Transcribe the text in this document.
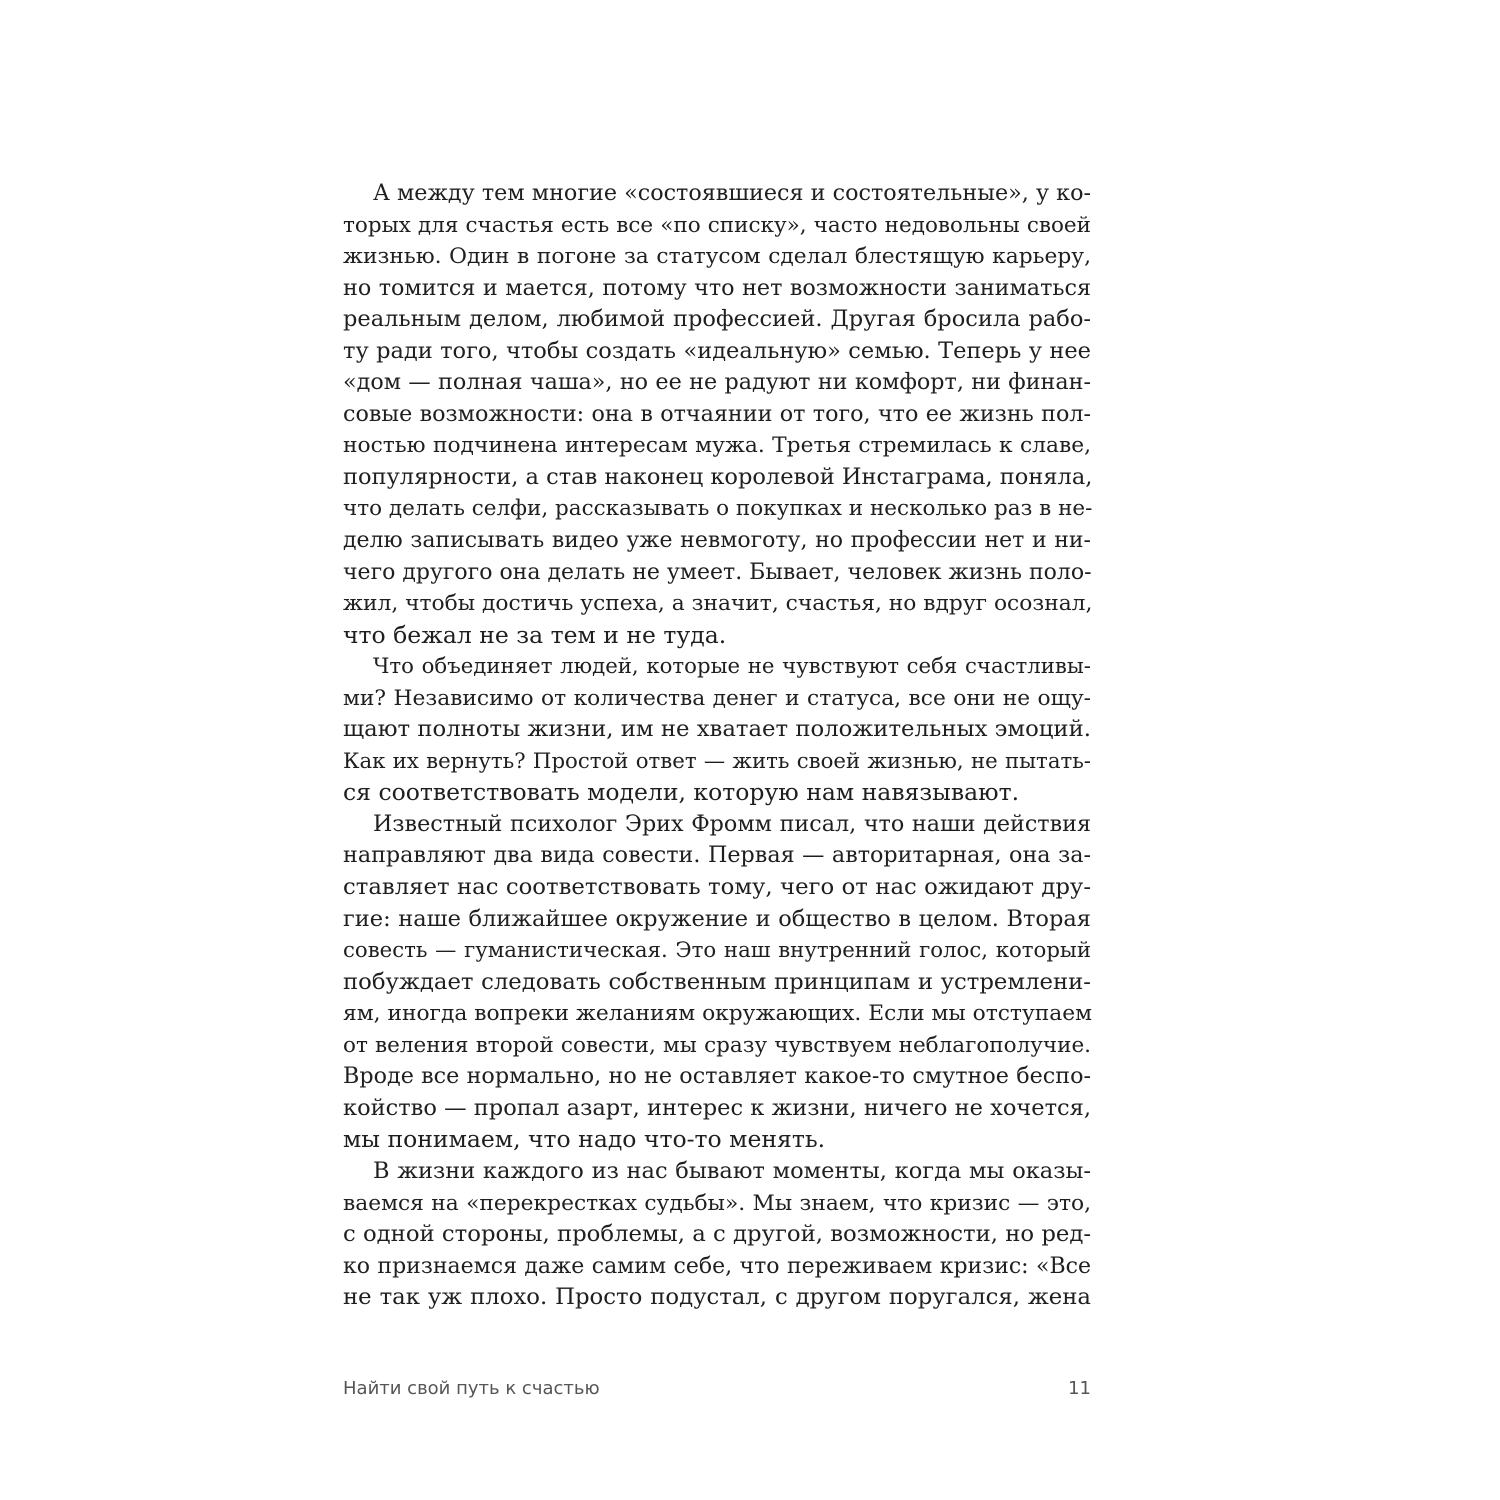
А между тем многие «состоявшиеся и состоятельные», у ко-
торых для счастья есть все «по списку», часто недовольны своей
жизнью. Один в погоне за статусом сделал блестящую карьеру,
но томится и мается, потому что нет возможности заниматься
реальным делом, любимой профессией. Другая бросила рабо-
ту ради того, чтобы создать «идеальную» семью. Теперь у нее
«дом — полная чаша», но ее не радуют ни комфорт, ни финан-
совые возможности: она в отчаянии от того, что ее жизнь пол-
ностью подчинена интересам мужа. Третья стремилась к славе,
популярности, а став наконец королевой Инстаграма, поняла,
что делать селфи, рассказывать о покупках и несколько раз в не-
делю записывать видео уже невмоготу, но профессии нет и ни-
чего другого она делать не умеет. Бывает, человек жизнь поло-
жил, чтобы достичь успеха, а значит, счастья, но вдруг осознал,
что бежал не за тем и не туда.
Что объединяет людей, которые не чувствуют себя счастливы-
ми? Независимо от количества денег и статуса, все они не ощу-
щают полноты жизни, им не хватает положительных эмоций.
Как их вернуть? Простой ответ — жить своей жизнью, не пытать-
ся соответствовать модели, которую нам навязывают.
Известный психолог Эрих Фромм писал, что наши действия
направляют два вида совести. Первая — авторитарная, она за-
ставляет нас соответствовать тому, чего от нас ожидают дру-
гие: наше ближайшее окружение и общество в целом. Вторая
совесть — гуманистическая. Это наш внутренний голос, который
побуждает следовать собственным принципам и устремлени-
ям, иногда вопреки желаниям окружающих. Если мы отступаем
от веления второй совести, мы сразу чувствуем неблагополучие.
Вроде все нормально, но не оставляет какое-то смутное беспо-
койство — пропал азарт, интерес к жизни, ничего не хочется,
мы понимаем, что надо что-то менять.
В жизни каждого из нас бывают моменты, когда мы оказы-
ваемся на «перекрестках судьбы». Мы знаем, что кризис — это,
с одной стороны, проблемы, а с другой, возможности, но ред-
ко признаемся даже самим себе, что переживаем кризис: «Все
не так уж плохо. Просто подустал, с другом поругался, жена
Найти свой путь к счастью	11
